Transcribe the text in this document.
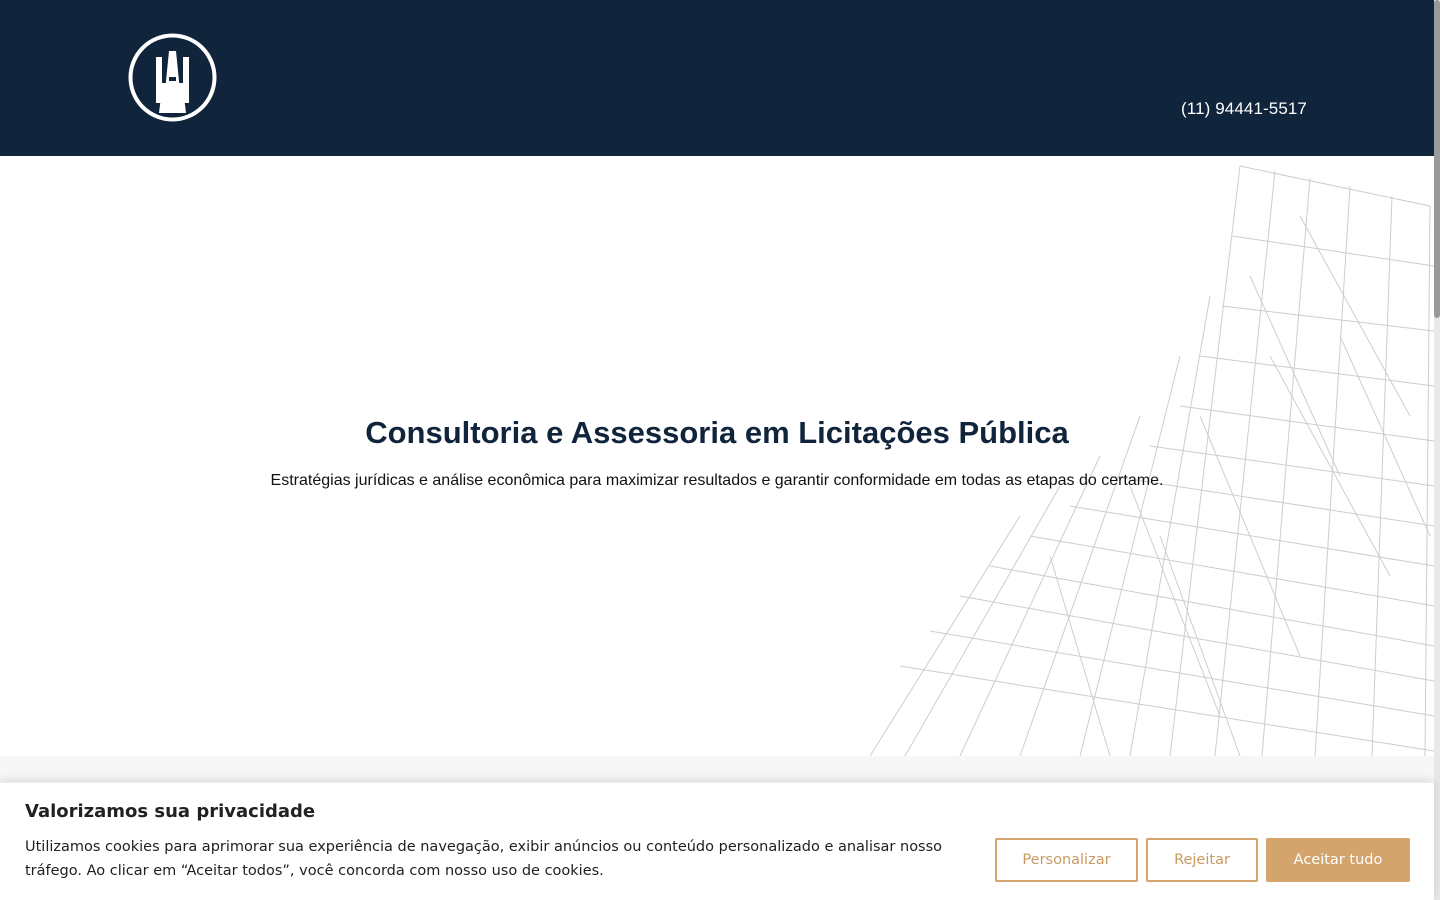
(11) 94441-5517
Consultoria e Assessoria em Licitações Pública

Estratégias jurídicas e análise econômica para maximizar resultados e garantir conformidade em todas as etapas do certame.

Valorizamos sua privacidade

Utilizamos cookies para aprimorar sua experiência de navegação, exibir anúncios ou conteúdo personalizado e analisar nosso tráfego. Ao clicar em “Aceitar todos”, você concorda com nosso uso de cookies.

Personalizar	Rejeitar	Aceitar tudo
